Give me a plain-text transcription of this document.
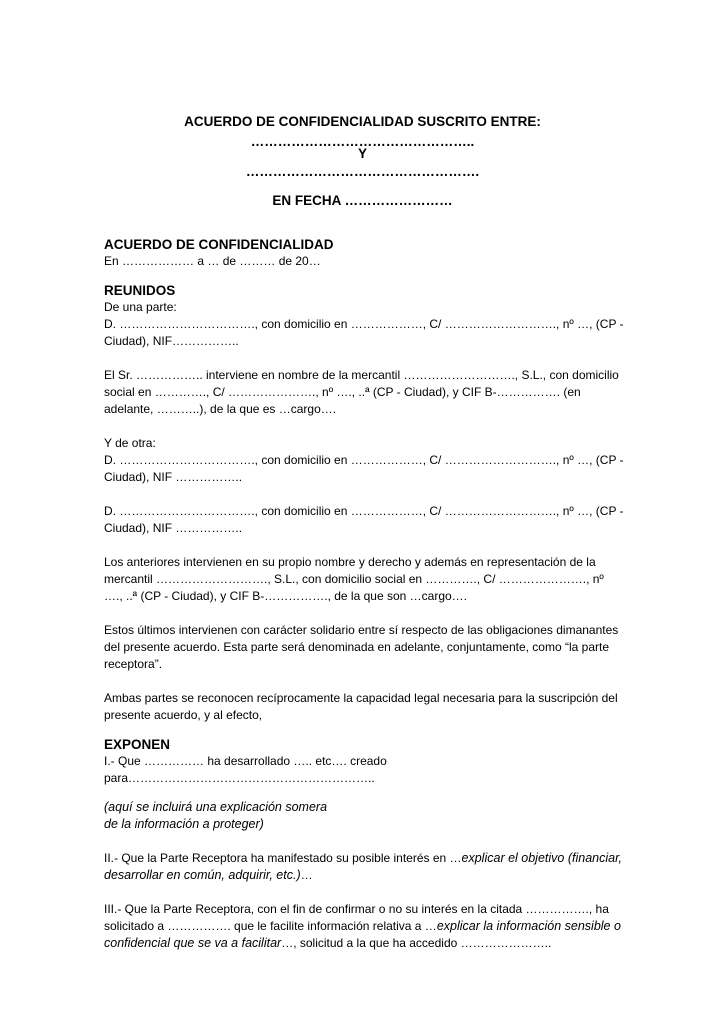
ACUERDO DE CONFIDENCIALIDAD SUSCRITO ENTRE:
…………………………………………..
Y
…………………………………………….
EN FECHA ……………………

ACUERDO DE CONFIDENCIALIDAD

En ……………… a … de ……… de 20…

REUNIDOS

De una parte:

D. ……………………………., con domicilio en ………………, C/ ………………………., nº …, (CP - Ciudad), NIF……………..

El Sr. …………….. interviene en nombre de la mercantil ………………………., S.L., con domicilio social en …………., C/ …………………., nº …., ..ª (CP - Ciudad), y CIF B-……………. (en adelante, ………..), de la que es …cargo….

Y de otra:

D. ……………………………., con domicilio en ………………, C/ ………………………., nº …, (CP - Ciudad), NIF ……………..

D. ……………………………., con domicilio en ………………, C/ ………………………., nº …, (CP - Ciudad), NIF ……………..

Los anteriores intervienen en su propio nombre y derecho y además en representación de la mercantil ………………………., S.L., con domicilio social en …………., C/ …………………., nº …., ..ª (CP - Ciudad), y CIF B-……………., de la que son …cargo….

Estos últimos intervienen con carácter solidario entre sí respecto de las obligaciones dimanantes del presente acuerdo. Esta parte será denominada en adelante, conjuntamente, como “la parte receptora”.

Ambas partes se reconocen recíprocamente la capacidad legal necesaria para la suscripción del presente acuerdo, y al efecto,

EXPONEN

I.- Que …………… ha desarrollado ….. etc…. creado para……………………………………………………..

(aquí se incluirá una explicación somera de la información a proteger)

II.- Que la Parte Receptora ha manifestado su posible interés en …explicar el objetivo (financiar, desarrollar en común, adquirir, etc.)…

III.- Que la Parte Receptora, con el fin de confirmar o no su interés en la citada ……………., ha solicitado a ……………. que le facilite información relativa a …explicar la información sensible o confidencial que se va a facilitar…, solicitud a la que ha accedido …………………..
